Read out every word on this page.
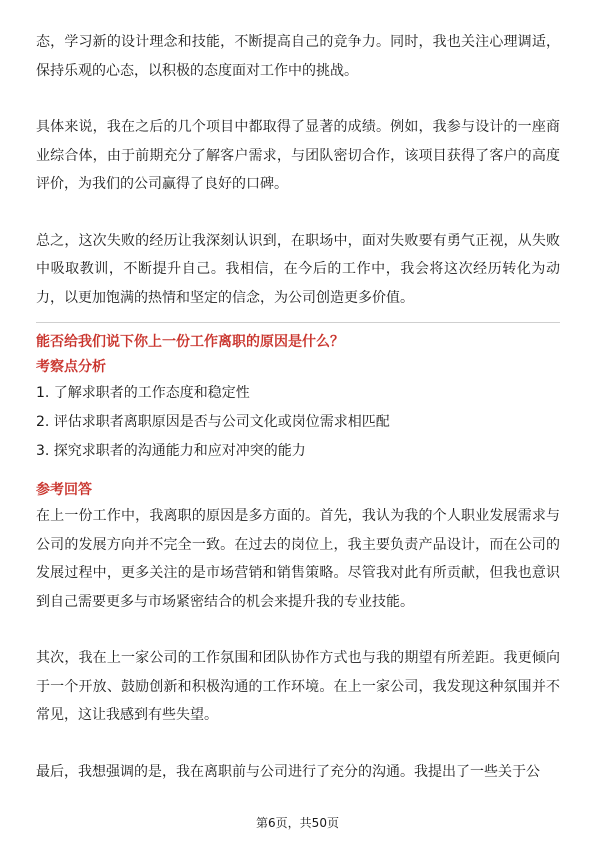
态，学习新的设计理念和技能，不断提高自己的竞争力。同时，我也关注心理调适，保持乐观的心态，以积极的态度面对工作中的挑战。

具体来说，我在之后的几个项目中都取得了显著的成绩。例如，我参与设计的一座商业综合体，由于前期充分了解客户需求，与团队密切合作，该项目获得了客户的高度评价，为我们的公司赢得了良好的口碑。

总之，这次失败的经历让我深刻认识到，在职场中，面对失败要有勇气正视，从失败中吸取教训，不断提升自己。我相信，在今后的工作中，我会将这次经历转化为动力，以更加饱满的热情和坚定的信念，为公司创造更多价值。

能否给我们说下你上一份工作离职的原因是什么？

考察点分析

1. 了解求职者的工作态度和稳定性

2. 评估求职者离职原因是否与公司文化或岗位需求相匹配

3. 探究求职者的沟通能力和应对冲突的能力

参考回答

在上一份工作中，我离职的原因是多方面的。首先，我认为我的个人职业发展需求与公司的发展方向并不完全一致。在过去的岗位上，我主要负责产品设计，而在公司的发展过程中，更多关注的是市场营销和销售策略。尽管我对此有所贡献，但我也意识到自己需要更多与市场紧密结合的机会来提升我的专业技能。

其次，我在上一家公司的工作氛围和团队协作方式也与我的期望有所差距。我更倾向于一个开放、鼓励创新和积极沟通的工作环境。在上一家公司，我发现这种氛围并不常见，这让我感到有些失望。

最后，我想强调的是，我在离职前与公司进行了充分的沟通。我提出了一些关于公

第6页，共50页
